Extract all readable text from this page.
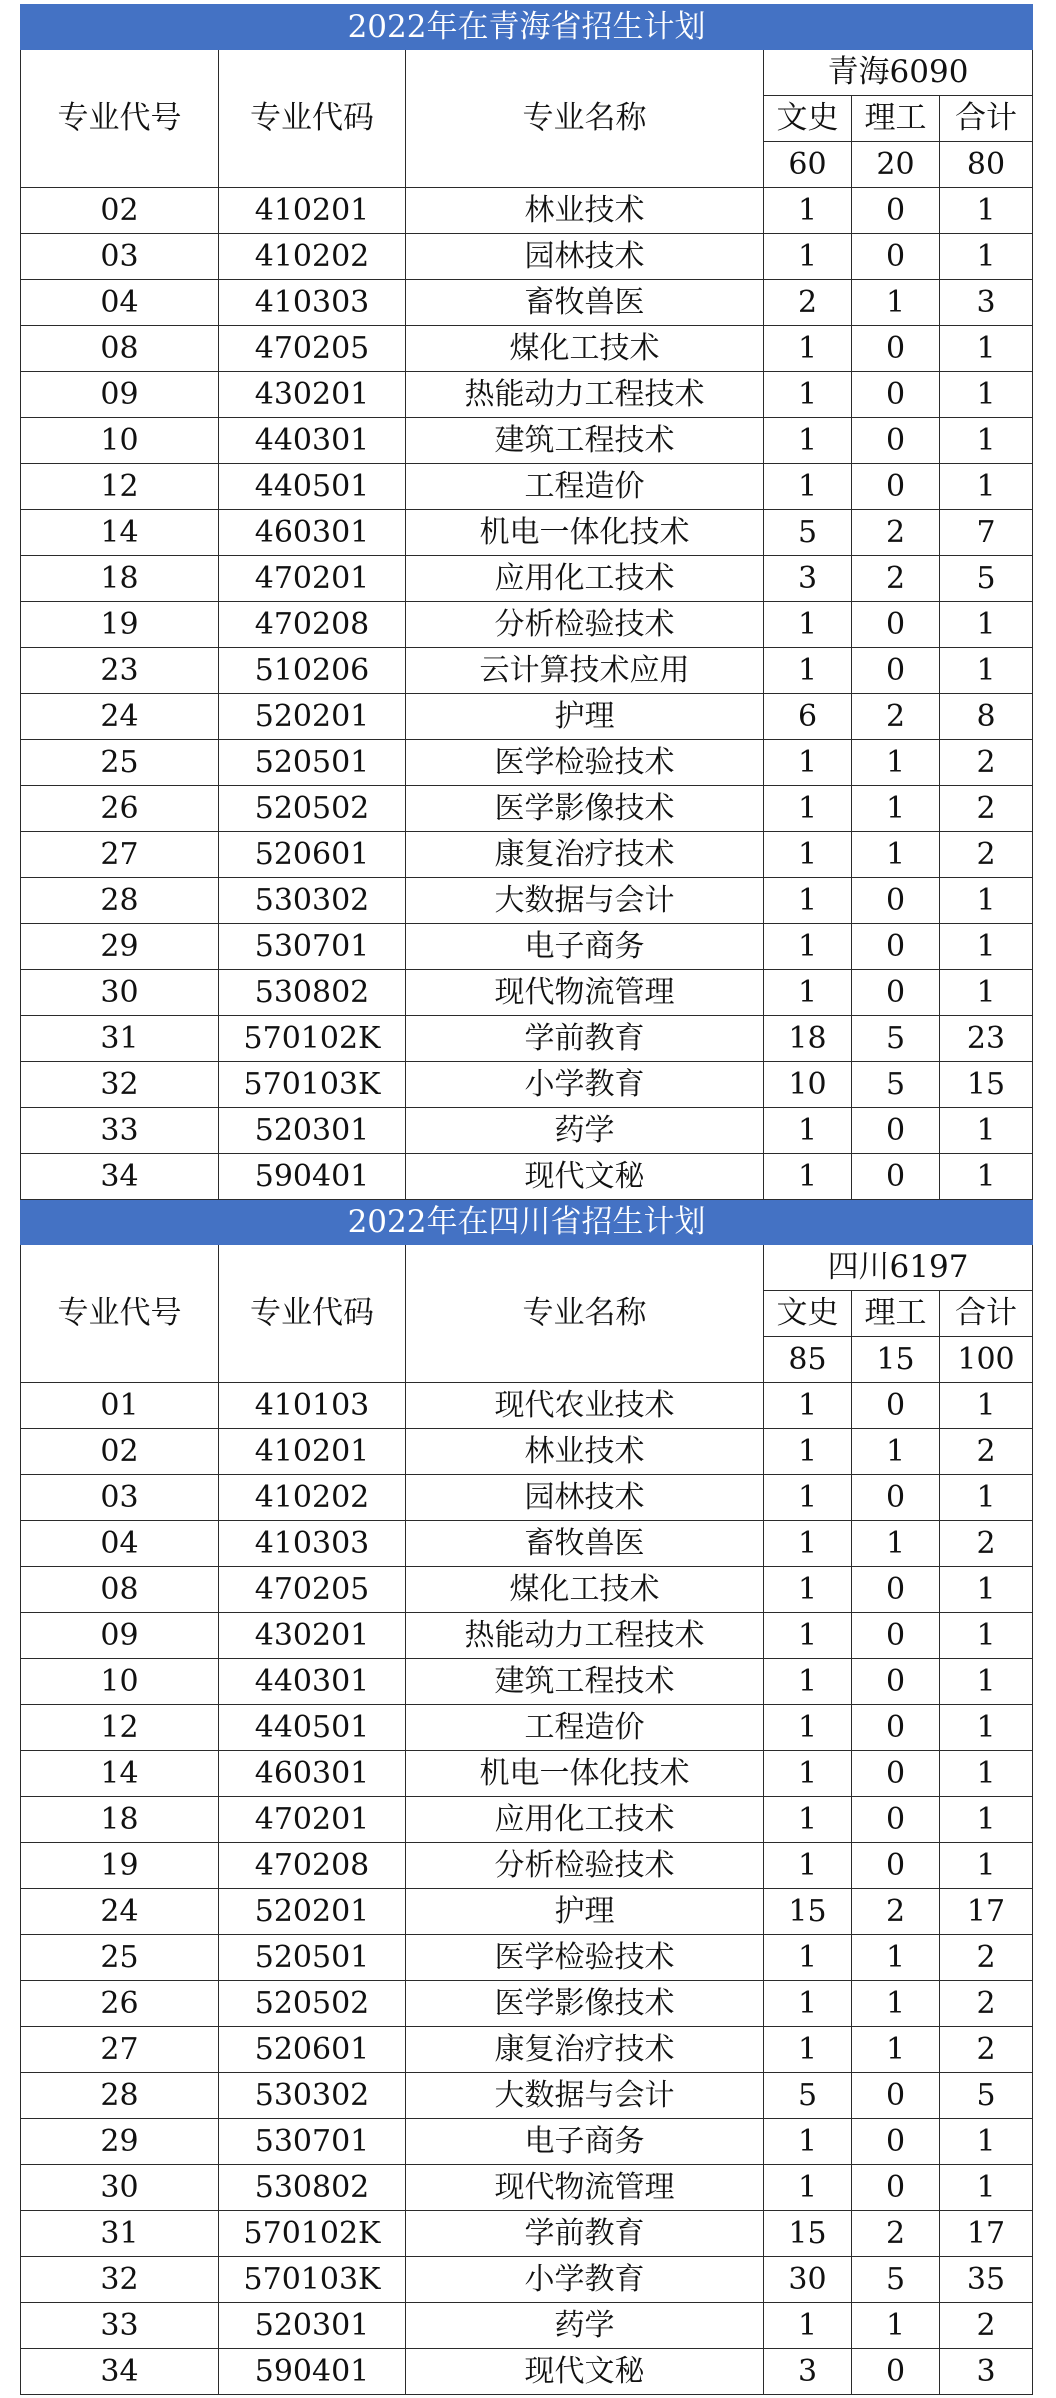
2022年在青海省招生计划					
专业代号	专业代码	专业名称	青海6090		
			文史	理工	合计
			60	20	80
02	410201	林业技术	1	0	1
03	410202	园林技术	1	0	1
04	410303	畜牧兽医	2	1	3
08	470205	煤化工技术	1	0	1
09	430201	热能动力工程技术	1	0	1
10	440301	建筑工程技术	1	0	1
12	440501	工程造价	1	0	1
14	460301	机电一体化技术	5	2	7
18	470201	应用化工技术	3	2	5
19	470208	分析检验技术	1	0	1
23	510206	云计算技术应用	1	0	1
24	520201	护理	6	2	8
25	520501	医学检验技术	1	1	2
26	520502	医学影像技术	1	1	2
27	520601	康复治疗技术	1	1	2
28	530302	大数据与会计	1	0	1
29	530701	电子商务	1	0	1
30	530802	现代物流管理	1	0	1
31	570102K	学前教育	18	5	23
32	570103K	小学教育	10	5	15
33	520301	药学	1	0	1
34	590401	现代文秘	1	0	1
2022年在四川省招生计划					
专业代号	专业代码	专业名称	四川6197		
			文史	理工	合计
			85	15	100
01	410103	现代农业技术	1	0	1
02	410201	林业技术	1	1	2
03	410202	园林技术	1	0	1
04	410303	畜牧兽医	1	1	2
08	470205	煤化工技术	1	0	1
09	430201	热能动力工程技术	1	0	1
10	440301	建筑工程技术	1	0	1
12	440501	工程造价	1	0	1
14	460301	机电一体化技术	1	0	1
18	470201	应用化工技术	1	0	1
19	470208	分析检验技术	1	0	1
24	520201	护理	15	2	17
25	520501	医学检验技术	1	1	2
26	520502	医学影像技术	1	1	2
27	520601	康复治疗技术	1	1	2
28	530302	大数据与会计	5	0	5
29	530701	电子商务	1	0	1
30	530802	现代物流管理	1	0	1
31	570102K	学前教育	15	2	17
32	570103K	小学教育	30	5	35
33	520301	药学	1	1	2
34	590401	现代文秘	3	0	3
